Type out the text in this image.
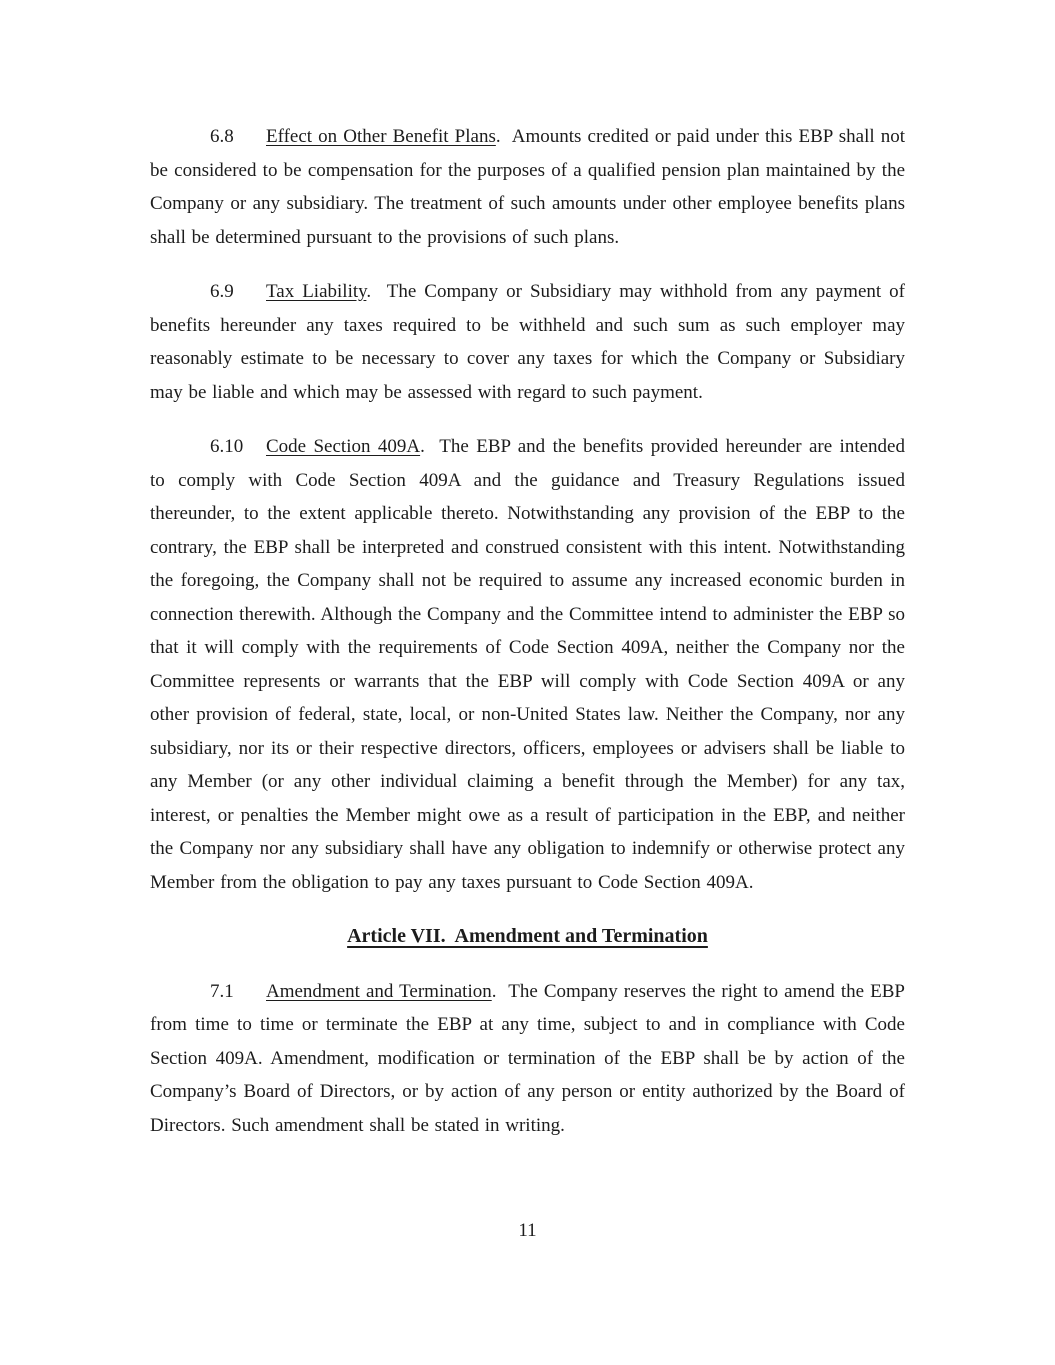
6.8 Effect on Other Benefit Plans.  Amounts credited or paid under this EBP shall not be considered to be compensation for the purposes of a qualified pension plan maintained by the Company or any subsidiary. The treatment of such amounts under other employee benefits plans shall be determined pursuant to the provisions of such plans.

6.9 Tax Liability.  The Company or Subsidiary may withhold from any payment of benefits hereunder any taxes required to be withheld and such sum as such employer may reasonably estimate to be necessary to cover any taxes for which the Company or Subsidiary may be liable and which may be assessed with regard to such payment.

6.10 Code Section 409A.  The EBP and the benefits provided hereunder are intended to comply with Code Section 409A and the guidance and Treasury Regulations issued thereunder, to the extent applicable thereto. Notwithstanding any provision of the EBP to the contrary, the EBP shall be interpreted and construed consistent with this intent. Notwithstanding the foregoing, the Company shall not be required to assume any increased economic burden in connection therewith. Although the Company and the Committee intend to administer the EBP so that it will comply with the requirements of Code Section 409A, neither the Company nor the Committee represents or warrants that the EBP will comply with Code Section 409A or any other provision of federal, state, local, or non-United States law. Neither the Company, nor any subsidiary, nor its or their respective directors, officers, employees or advisers shall be liable to any Member (or any other individual claiming a benefit through the Member) for any tax, interest, or penalties the Member might owe as a result of participation in the EBP, and neither the Company nor any subsidiary shall have any obligation to indemnify or otherwise protect any Member from the obligation to pay any taxes pursuant to Code Section 409A.

Article VII.  Amendment and Termination

7.1 Amendment and Termination.  The Company reserves the right to amend the EBP from time to time or terminate the EBP at any time, subject to and in compliance with Code Section 409A. Amendment, modification or termination of the EBP shall be by action of the Company’s Board of Directors, or by action of any person or entity authorized by the Board of Directors. Such amendment shall be stated in writing.

11
